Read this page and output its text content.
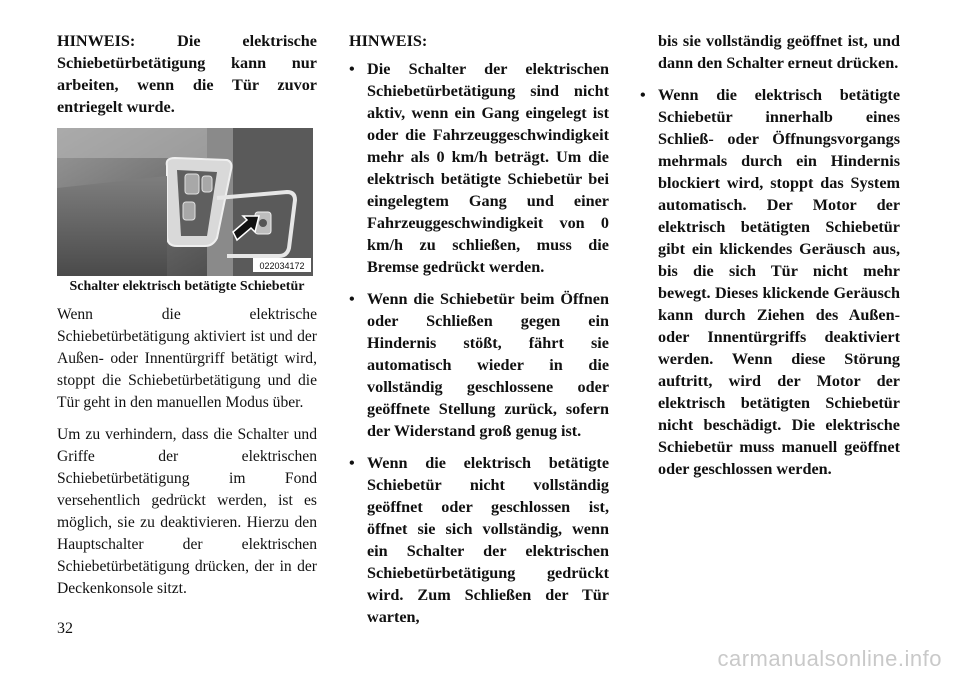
HINWEIS: Die elektrische Schiebetürbetätigung kann nur arbeiten, wenn die Tür zuvor entriegelt wurde.

022034172
Schalter elektrisch betätigte Schiebetür

Wenn die elektrische Schiebetürbetätigung aktiviert ist und der Außen- oder Innentürgriff betätigt wird, stoppt die Schiebetürbetätigung und die Tür geht in den manuellen Modus über.

Um zu verhindern, dass die Schalter und Griffe der elektrischen Schiebetürbetätigung im Fond versehentlich gedrückt werden, ist es möglich, sie zu deaktivieren. Hierzu den Hauptschalter der elektrischen Schiebetürbetätigung drücken, der in der Deckenkonsole sitzt.

HINWEIS:
• Die Schalter der elektrischen Schiebetürbetätigung sind nicht aktiv, wenn ein Gang eingelegt ist oder die Fahrzeuggeschwindigkeit mehr als 0 km/h beträgt. Um die elektrisch betätigte Schiebetür bei eingelegtem Gang und einer Fahrzeuggeschwindigkeit von 0 km/h zu schließen, muss die Bremse gedrückt werden.
• Wenn die Schiebetür beim Öffnen oder Schließen gegen ein Hindernis stößt, fährt sie automatisch wieder in die vollständig geschlossene oder geöffnete Stellung zurück, sofern der Widerstand groß genug ist.
• Wenn die elektrisch betätigte Schiebetür nicht vollständig geöffnet oder geschlossen ist, öffnet sie sich vollständig, wenn ein Schalter der elektrischen Schiebetürbetätigung gedrückt wird. Zum Schließen der Tür warten,

bis sie vollständig geöffnet ist, und dann den Schalter erneut drücken.

• Wenn die elektrisch betätigte Schiebetür innerhalb eines Schließ- oder Öffnungsvorgangs mehrmals durch ein Hindernis blockiert wird, stoppt das System automatisch. Der Motor der elektrisch betätigten Schiebetür gibt ein klickendes Geräusch aus, bis die sich Tür nicht mehr bewegt. Dieses klickende Geräusch kann durch Ziehen des Außen- oder Innentürgriffs deaktiviert werden. Wenn diese Störung auftritt, wird der Motor der elektrisch betätigten Schiebetür nicht beschädigt. Die elektrische Schiebetür muss manuell geöffnet oder geschlossen werden.
32
carmanualsonline.info
